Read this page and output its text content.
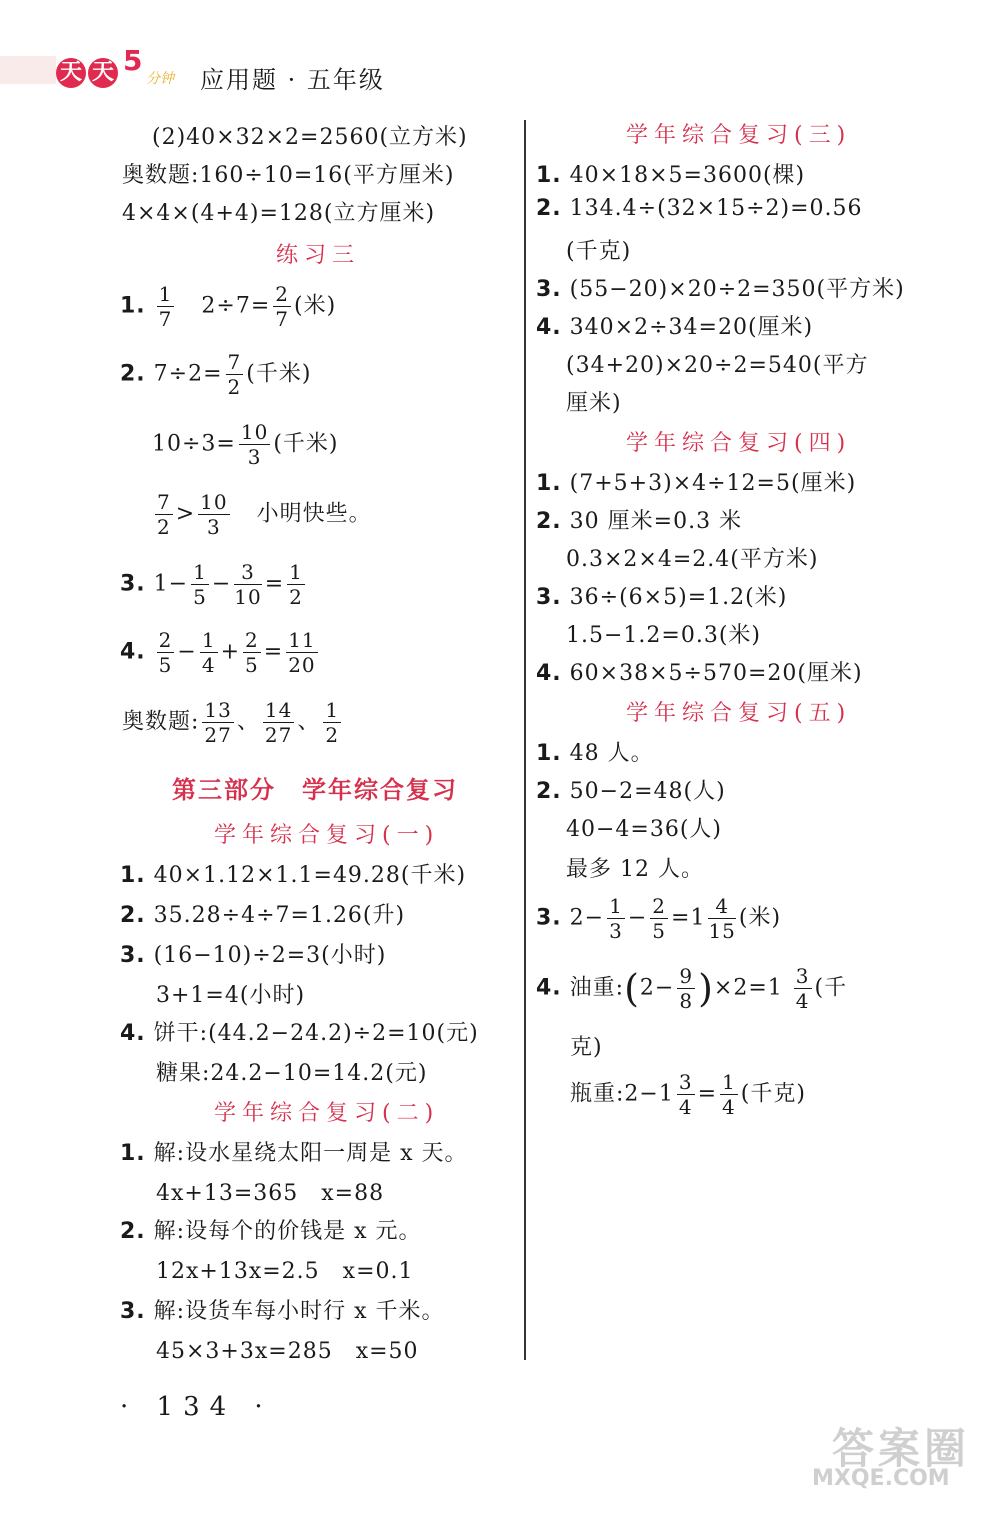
天 天 5
分钟 应用题 · 五年级
(2)40×32×2=2560(立方米)
奥数题:160÷10=16(平方厘米)
4×4×(4+4)=128(立方厘米)
练习三
1. $\frac{1}{7} 2\div 7= \frac{2}{7}$ (米)
2. $7\div 2= \frac{7}{2}$ (千米)
$10\div 3= \frac{10}{3}$ (千米)
$\frac{7}{2} > \frac{10}{3}$ 小明快些。
3. $1- \frac{1}{5} - \frac{3}{10} = \frac{1}{2}$
4. $\frac{2}{5} - \frac{1}{4} + \frac{2}{5} = \frac{11}{20}$
奥数题: $\frac{13}{27}$ 、 $\frac{14}{27}$ 、 $\frac{1}{2}$
第三部分　学年综合复习
学年综合复习(一)
1. 40×1.12×1.1=49.28(千米)
2. 35.28÷4÷7=1.26(升)
3. (16−10)÷2=3(小时)
3+1=4(小时)
4. 饼干:(44.2−24.2)÷2=10(元)
糖果:24.2−10=14.2(元)
学年综合复习(二)
1. 解:设水星绕太阳一周是 x 天。
4x+13=365　x=88
2. 解:设每个的价钱是 x 元。
12x+13x=2.5　x=0.1
3. 解:设货车每小时行 x 千米。
45×3+3x=285　x=50
学年综合复习(三)
1. 40×18×5=3600(棵)
2. 134.4÷(32×15÷2)=0.56
(千克)
3. (55−20)×20÷2=350(平方米)
4. 340×2÷34=20(厘米)
(34+20)×20÷2=540(平方
厘米)
学年综合复习(四)
1. (7+5+3)×4÷12=5(厘米)
2. 30 厘米=0.3 米
0.3×2×4=2.4(平方米)
3. 36÷(6×5)=1.2(米)
1.5−1.2=0.3(米)
4. 60×38×5÷570=20(厘米)
学年综合复习(五)
1. 48 人。
2. 50−2=48(人)
40−4=36(人)
最多 12 人。
3. $2- \frac{1}{3} - \frac{2}{5} =1 \frac{4}{15}$ (米)
4. 油重:(2− $\frac{9}{8} )\times 2=1 \frac{3}{4}$ (千
克)
瓶重:2−1 $\frac{3}{4} = \frac{1}{4}$ (千克)
· 134 ·
答案圈
MXQE.COM
